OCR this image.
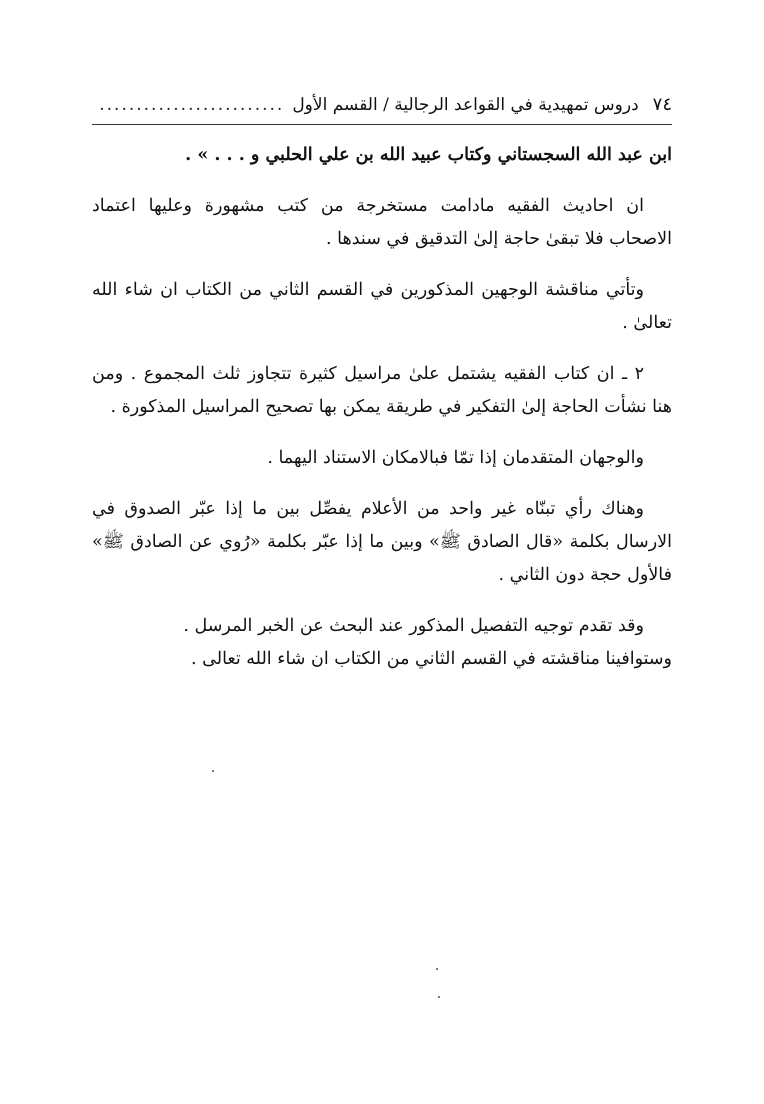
٧٤
دروس تمهيدية في القواعد الرجالية / القسم الأول
.....

ابن عبد الله السجستاني وكتاب عبيد الله بن علي الحلبي و . . . » .

ان احاديث الفقيه مادامت مستخرجة من كتب مشهورة وعليها اعتماد الاصحاب فلا تبقىٰ حاجة إلىٰ التدقيق في سندها .

وتأتي مناقشة الوجهين المذكورين في القسم الثاني من الكتاب ان شاء الله تعالىٰ .

٢ ـ ان كتاب الفقيه يشتمل علىٰ مراسيل كثيرة تتجاوز ثلث المجموع . ومن هنا نشأت الحاجة إلىٰ التفكير في طريقة يمكن بها تصحيح المراسيل المذكورة .

والوجهان المتقدمان إذا تمّا فبالامكان الاستناد اليهما .

وهناك رأي تبنّاه غير واحد من الأعلام يفصِّل بين ما إذا عبّر الصدوق في الارسال بكلمة «قال الصادق ﷺ» وبين ما إذا عبّر بكلمة «رُوي عن الصادق ﷺ» فالأول حجة دون الثاني .

وقد تقدم توجيه التفصيل المذكور عند البحث عن الخبر المرسل .

وستوافينا مناقشته في القسم الثاني من الكتاب ان شاء الله تعالى .
